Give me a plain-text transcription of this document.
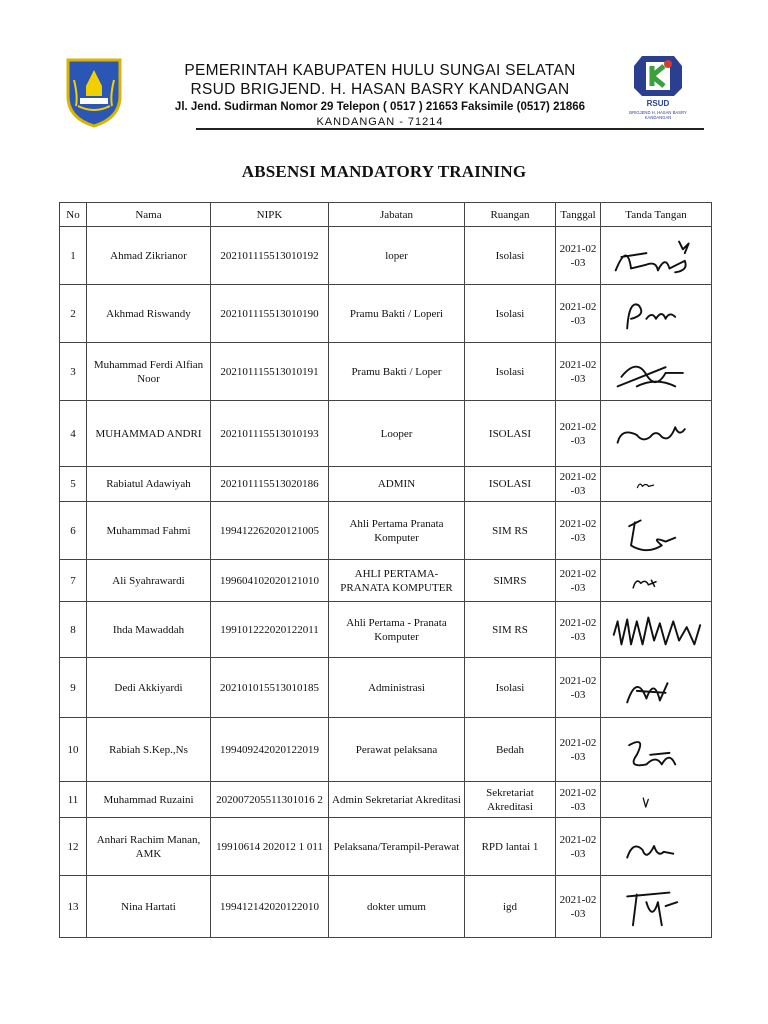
PEMERINTAH KABUPATEN HULU SUNGAI SELATAN
RSUD BRIGJEND. H. HASAN BASRY KANDANGAN
Jl. Jend. Sudirman Nomor 29 Telepon ( 0517 ) 21653 Faksimile (0517) 21866
KANDANGAN - 71214
RSUD
BRIGJEND H. HASAN BASRY
KANDANGAN
ABSENSI MANDATORY TRAINING
No	Nama	NIPK	Jabatan	Ruangan	Tanggal	Tanda Tangan
1	Ahmad Zikrianor	202101115513010192	loper	Isolasi	2021-02-03	

2	Akhmad Riswandy	202101115513010190	Pramu Bakti / Loperi	Isolasi	2021-02-03	

3	Muhammad Ferdi Alfian Noor	202101115513010191	Pramu Bakti / Loper	Isolasi	2021-02-03	

4	MUHAMMAD ANDRI	202101115513010193	Looper	ISOLASI	2021-02-03	

5	Rabiatul Adawiyah	202101115513020186	ADMIN	ISOLASI	2021-02-03	

6	Muhammad Fahmi	199412262020121005	Ahli Pertama Pranata Komputer	SIM RS	2021-02-03	

7	Ali Syahrawardi	199604102020121010	AHLI PERTAMA-PRANATA KOMPUTER	SIMRS	2021-02-03	

8	Ihda Mawaddah	199101222020122011	Ahli Pertama - Pranata Komputer	SIM RS	2021-02-03	

9	Dedi Akkiyardi	202101015513010185	Administrasi	Isolasi	2021-02-03	

10	Rabiah S.Kep.,Ns	199409242020122019	Perawat pelaksana	Bedah	2021-02-03	

11	Muhammad Ruzaini	202007205511301016 2	Admin Sekretariat Akreditasi	Sekretariat Akreditasi	2021-02-03	

12	Anhari Rachim Manan, AMK	19910614 202012 1 011	Pelaksana/Terampil-Perawat	RPD lantai 1	2021-02-03	

13	Nina Hartati	199412142020122010	dokter umum	igd	2021-02-03	
